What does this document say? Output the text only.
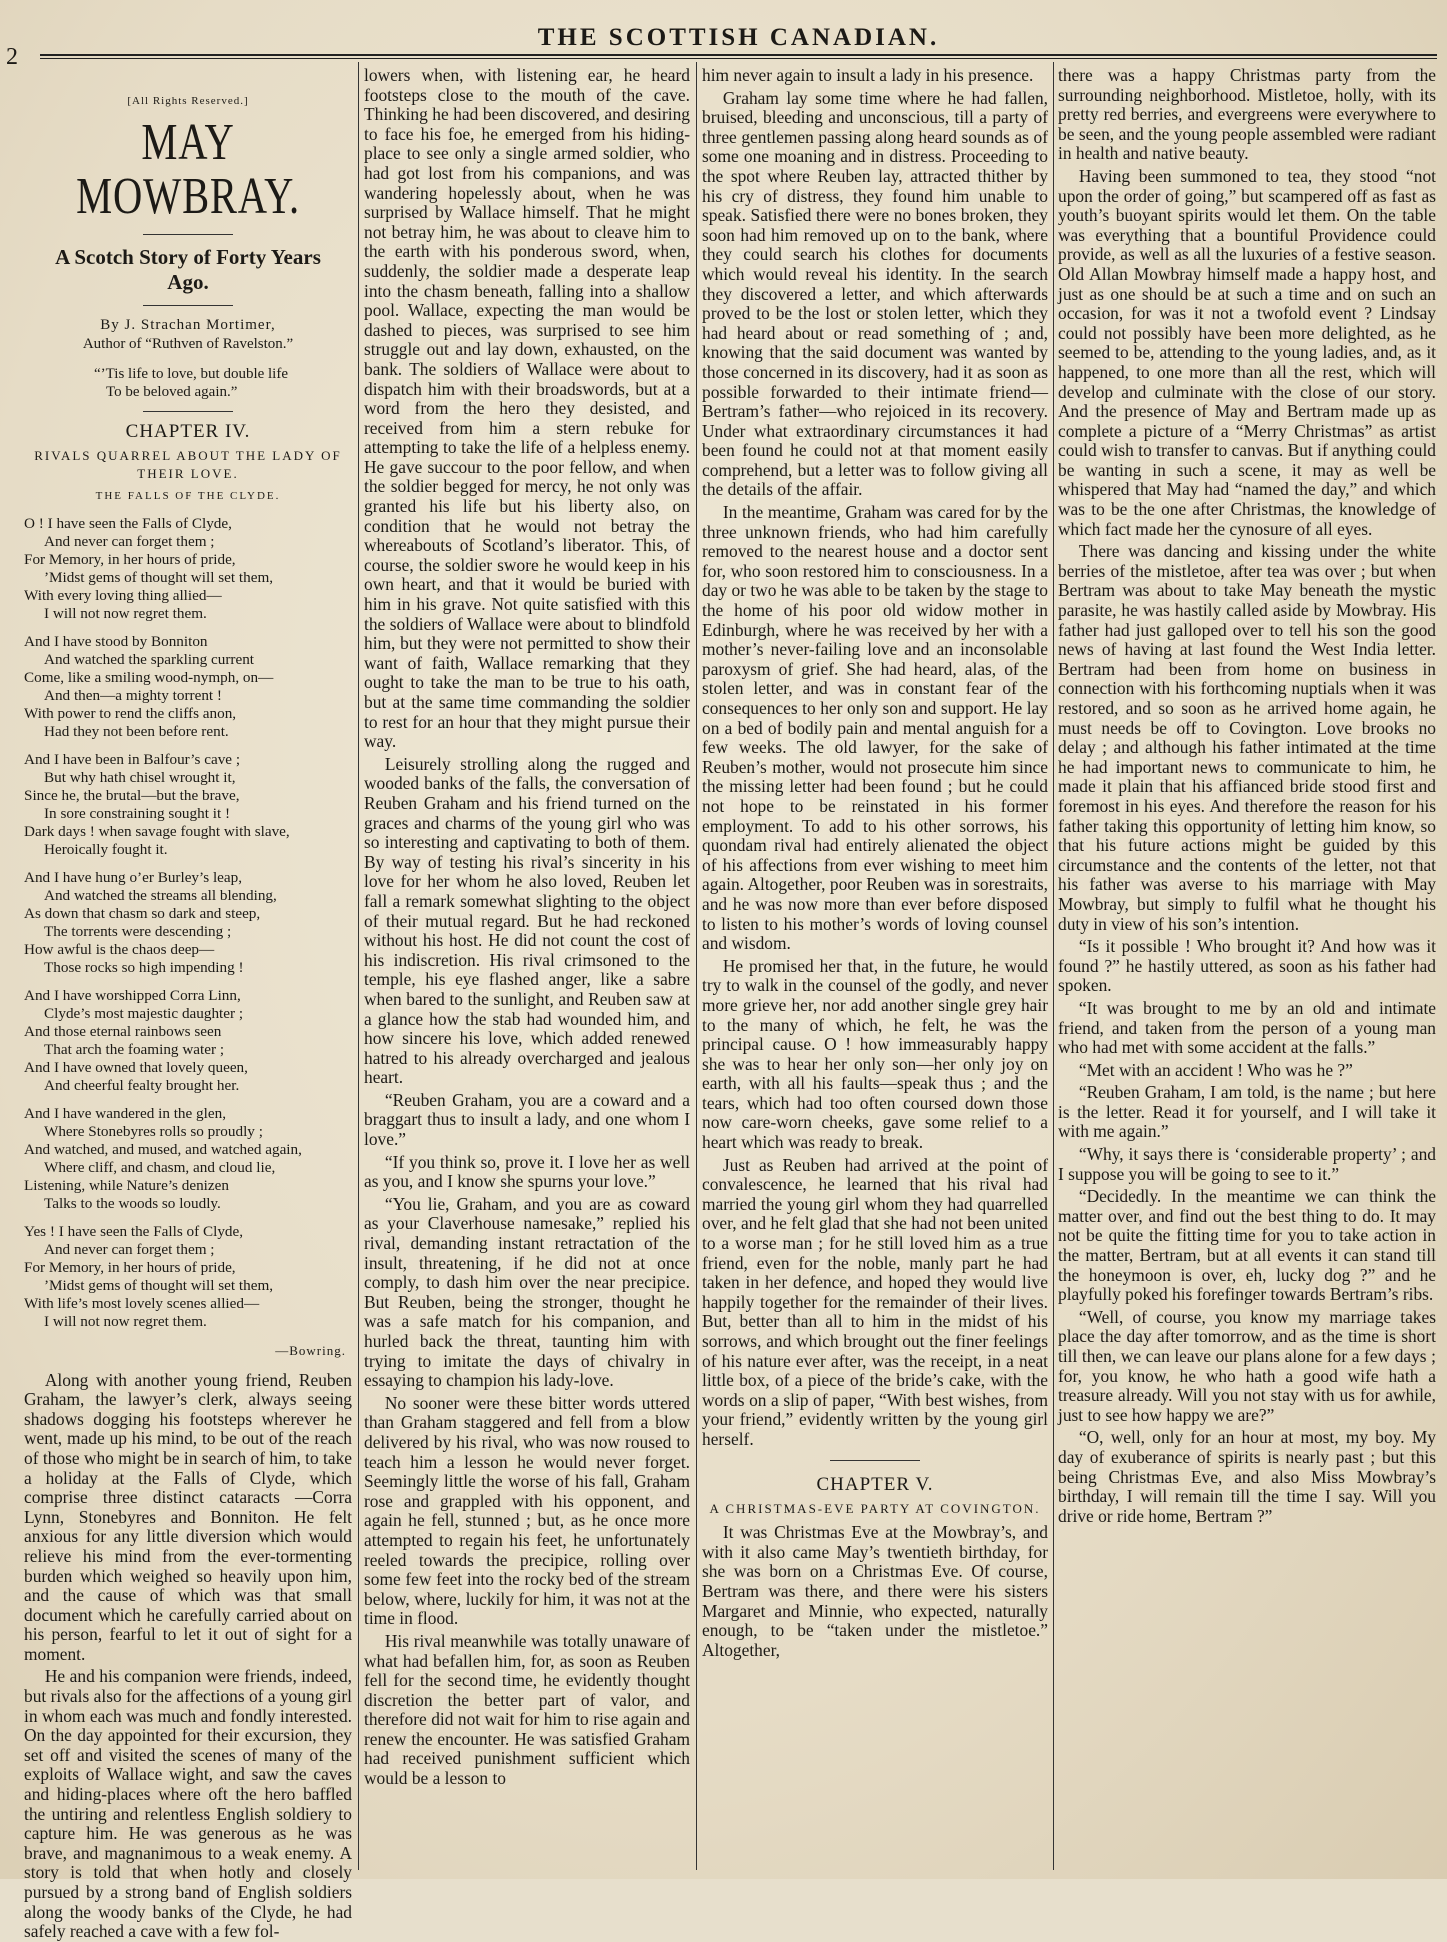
THE SCOTTISH CANADIAN.
2
[All Rights Reserved.]
MAY MOWBRAY.
A Scotch Story of Forty Years Ago.
By J. Strachan Mortimer,
Author of “Ruthven of Ravelston.”
“’Tis life to love, but double life
To be beloved again.”
CHAPTER IV.
RIVALS QUARREL ABOUT THE LADY OF THEIR LOVE.
THE FALLS OF THE CLYDE.
O ! I have seen the Falls of Clyde,
And never can forget them ;
For Memory, in her hours of pride,
’Midst gems of thought will set them,
With every loving thing allied—
I will not now regret them.
And I have stood by Bonniton
And watched the sparkling current
Come, like a smiling wood-nymph, on—
And then—a mighty torrent !
With power to rend the cliffs anon,
Had they not been before rent.
And I have been in Balfour’s cave ;
But why hath chisel wrought it,
Since he, the brutal—but the brave,
In sore constraining sought it !
Dark days ! when savage fought with slave,
Heroically fought it.
And I have hung o’er Burley’s leap,
And watched the streams all blending,
As down that chasm so dark and steep,
The torrents were descending ;
How awful is the chaos deep—
Those rocks so high impending !
And I have worshipped Corra Linn,
Clyde’s most majestic daughter ;
And those eternal rainbows seen
That arch the foaming water ;
And I have owned that lovely queen,
And cheerful fealty brought her.
And I have wandered in the glen,
Where Stonebyres rolls so proudly ;
And watched, and mused, and watched again,
Where cliff, and chasm, and cloud lie,
Listening, while Nature’s denizen
Talks to the woods so loudly.
Yes ! I have seen the Falls of Clyde,
And never can forget them ;
For Memory, in her hours of pride,
’Midst gems of thought will set them,
With life’s most lovely scenes allied—
I will not now regret them.
—Bowring.

Along with another young friend, Reuben Graham, the lawyer’s clerk, always seeing shadows dogging his footsteps wherever he went, made up his mind, to be out of the reach of those who might be in search of him, to take a holiday at the Falls of Clyde, which comprise three distinct cataracts —Corra Lynn, Stonebyres and Bonniton. He felt anxious for any little diversion which would relieve his mind from the ever-tormenting burden which weighed so heavily upon him, and the cause of which was that small document which he carefully carried about on his person, fearful to let it out of sight for a moment.

He and his companion were friends, indeed, but rivals also for the affections of a young girl in whom each was much and fondly interested. On the day appointed for their excursion, they set off and visited the scenes of many of the exploits of Wallace wight, and saw the caves and hiding-places where oft the hero baffled the untiring and relentless English soldiery to capture him. He was generous as he was brave, and magnanimous to a weak enemy. A story is told that when hotly and closely pursued by a strong band of English soldiers along the woody banks of the Clyde, he had safely reached a cave with a few fol-

lowers when, with listening ear, he heard footsteps close to the mouth of the cave. Thinking he had been discovered, and desiring to face his foe, he emerged from his hiding-place to see only a single armed soldier, who had got lost from his companions, and was wandering hopelessly about, when he was surprised by Wallace himself. That he might not betray him, he was about to cleave him to the earth with his ponderous sword, when, suddenly, the soldier made a desperate leap into the chasm beneath, falling into a shallow pool. Wallace, expecting the man would be dashed to pieces, was surprised to see him struggle out and lay down, exhausted, on the bank. The soldiers of Wallace were about to dispatch him with their broadswords, but at a word from the hero they desisted, and received from him a stern rebuke for attempting to take the life of a helpless enemy. He gave succour to the poor fellow, and when the soldier begged for mercy, he not only was granted his life but his liberty also, on condition that he would not betray the whereabouts of Scotland’s liberator. This, of course, the soldier swore he would keep in his own heart, and that it would be buried with him in his grave. Not quite satisfied with this the soldiers of Wallace were about to blindfold him, but they were not permitted to show their want of faith, Wallace remarking that they ought to take the man to be true to his oath, but at the same time commanding the soldier to rest for an hour that they might pursue their way.

Leisurely strolling along the rugged and wooded banks of the falls, the conversation of Reuben Graham and his friend turned on the graces and charms of the young girl who was so interesting and captivating to both of them. By way of testing his rival’s sincerity in his love for her whom he also loved, Reuben let fall a remark somewhat slighting to the object of their mutual regard. But he had reckoned without his host. He did not count the cost of his indiscretion. His rival crimsoned to the temple, his eye flashed anger, like a sabre when bared to the sunlight, and Reuben saw at a glance how the stab had wounded him, and how sincere his love, which added renewed hatred to his already overcharged and jealous heart.

“Reuben Graham, you are a coward and a braggart thus to insult a lady, and one whom I love.”

“If you think so, prove it. I love her as well as you, and I know she spurns your love.”

“You lie, Graham, and you are as coward as your Claverhouse namesake,” replied his rival, demanding instant retractation of the insult, threatening, if he did not at once comply, to dash him over the near precipice. But Reuben, being the stronger, thought he was a safe match for his companion, and hurled back the threat, taunting him with trying to imitate the days of chivalry in essaying to champion his lady-love.

No sooner were these bitter words uttered than Graham staggered and fell from a blow delivered by his rival, who was now roused to teach him a lesson he would never forget. Seemingly little the worse of his fall, Graham rose and grappled with his opponent, and again he fell, stunned ; but, as he once more attempted to regain his feet, he unfortunately reeled towards the precipice, rolling over some few feet into the rocky bed of the stream below, where, luckily for him, it was not at the time in flood.

His rival meanwhile was totally unaware of what had befallen him, for, as soon as Reuben fell for the second time, he evidently thought discretion the better part of valor, and therefore did not wait for him to rise again and renew the encounter. He was satisfied Graham had received punishment sufficient which would be a lesson to

him never again to insult a lady in his presence.

Graham lay some time where he had fallen, bruised, bleeding and unconscious, till a party of three gentlemen passing along heard sounds as of some one moaning and in distress. Proceeding to the spot where Reuben lay, attracted thither by his cry of distress, they found him unable to speak. Satisfied there were no bones broken, they soon had him removed up on to the bank, where they could search his clothes for documents which would reveal his identity. In the search they discovered a letter, and which afterwards proved to be the lost or stolen letter, which they had heard about or read something of ; and, knowing that the said document was wanted by those concerned in its discovery, had it as soon as possible forwarded to their intimate friend—Bertram’s father—who rejoiced in its recovery. Under what extraordinary circumstances it had been found he could not at that moment easily comprehend, but a letter was to follow giving all the details of the affair.

In the meantime, Graham was cared for by the three unknown friends, who had him carefully removed to the nearest house and a doctor sent for, who soon restored him to consciousness. In a day or two he was able to be taken by the stage to the home of his poor old widow mother in Edinburgh, where he was received by her with a mother’s never-failing love and an inconsolable paroxysm of grief. She had heard, alas, of the stolen letter, and was in constant fear of the consequences to her only son and support. He lay on a bed of bodily pain and mental anguish for a few weeks. The old lawyer, for the sake of Reuben’s mother, would not prosecute him since the missing letter had been found ; but he could not hope to be reinstated in his former employment. To add to his other sorrows, his quondam rival had entirely alienated the object of his affections from ever wishing to meet him again. Altogether, poor Reuben was in sorestraits, and he was now more than ever before disposed to listen to his mother’s words of loving counsel and wisdom.

He promised her that, in the future, he would try to walk in the counsel of the godly, and never more grieve her, nor add another single grey hair to the many of which, he felt, he was the principal cause. O ! how immeasurably happy she was to hear her only son—her only joy on earth, with all his faults—speak thus ; and the tears, which had too often coursed down those now care-worn cheeks, gave some relief to a heart which was ready to break.

Just as Reuben had arrived at the point of convalescence, he learned that his rival had married the young girl whom they had quarrelled over, and he felt glad that she had not been united to a worse man ; for he still loved him as a true friend, even for the noble, manly part he had taken in her defence, and hoped they would live happily together for the remainder of their lives. But, better than all to him in the midst of his sorrows, and which brought out the finer feelings of his nature ever after, was the receipt, in a neat little box, of a piece of the bride’s cake, with the words on a slip of paper, “With best wishes, from your friend,” evidently written by the young girl herself.

CHAPTER V.
A CHRISTMAS-EVE PARTY AT COVINGTON.

It was Christmas Eve at the Mowbray’s, and with it also came May’s twentieth birthday, for she was born on a Christmas Eve. Of course, Bertram was there, and there were his sisters Margaret and Minnie, who expected, naturally enough, to be “taken under the mistletoe.” Altogether,

there was a happy Christmas party from the surrounding neighborhood. Mistletoe, holly, with its pretty red berries, and evergreens were everywhere to be seen, and the young people assembled were radiant in health and native beauty.

Having been summoned to tea, they stood “not upon the order of going,” but scampered off as fast as youth’s buoyant spirits would let them. On the table was everything that a bountiful Providence could provide, as well as all the luxuries of a festive season. Old Allan Mowbray himself made a happy host, and just as one should be at such a time and on such an occasion, for was it not a twofold event ? Lindsay could not possibly have been more delighted, as he seemed to be, attending to the young ladies, and, as it happened, to one more than all the rest, which will develop and culminate with the close of our story. And the presence of May and Bertram made up as complete a picture of a “Merry Christmas” as artist could wish to transfer to canvas. But if anything could be wanting in such a scene, it may as well be whispered that May had “named the day,” and which was to be the one after Christmas, the knowledge of which fact made her the cynosure of all eyes.

There was dancing and kissing under the white berries of the mistletoe, after tea was over ; but when Bertram was about to take May beneath the mystic parasite, he was hastily called aside by Mowbray. His father had just galloped over to tell his son the good news of having at last found the West India letter. Bertram had been from home on business in connection with his forthcoming nuptials when it was restored, and so soon as he arrived home again, he must needs be off to Covington. Love brooks no delay ; and although his father intimated at the time he had important news to communicate to him, he made it plain that his affianced bride stood first and foremost in his eyes. And therefore the reason for his father taking this opportunity of letting him know, so that his future actions might be guided by this circumstance and the contents of the letter, not that his father was averse to his marriage with May Mowbray, but simply to fulfil what he thought his duty in view of his son’s intention.

“Is it possible ! Who brought it? And how was it found ?” he hastily uttered, as soon as his father had spoken.

“It was brought to me by an old and intimate friend, and taken from the person of a young man who had met with some accident at the falls.”

“Met with an accident ! Who was he ?”

“Reuben Graham, I am told, is the name ; but here is the letter. Read it for yourself, and I will take it with me again.”

“Why, it says there is ‘considerable property’ ; and I suppose you will be going to see to it.”

“Decidedly. In the meantime we can think the matter over, and find out the best thing to do. It may not be quite the fitting time for you to take action in the matter, Bertram, but at all events it can stand till the honeymoon is over, eh, lucky dog ?” and he playfully poked his forefinger towards Bertram’s ribs.

“Well, of course, you know my marriage takes place the day after tomorrow, and as the time is short till then, we can leave our plans alone for a few days ; for, you know, he who hath a good wife hath a treasure already. Will you not stay with us for awhile, just to see how happy we are?”

“O, well, only for an hour at most, my boy. My day of exuberance of spirits is nearly past ; but this being Christmas Eve, and also Miss Mowbray’s birthday, I will remain till the time I say. Will you drive or ride home, Bertram ?”
